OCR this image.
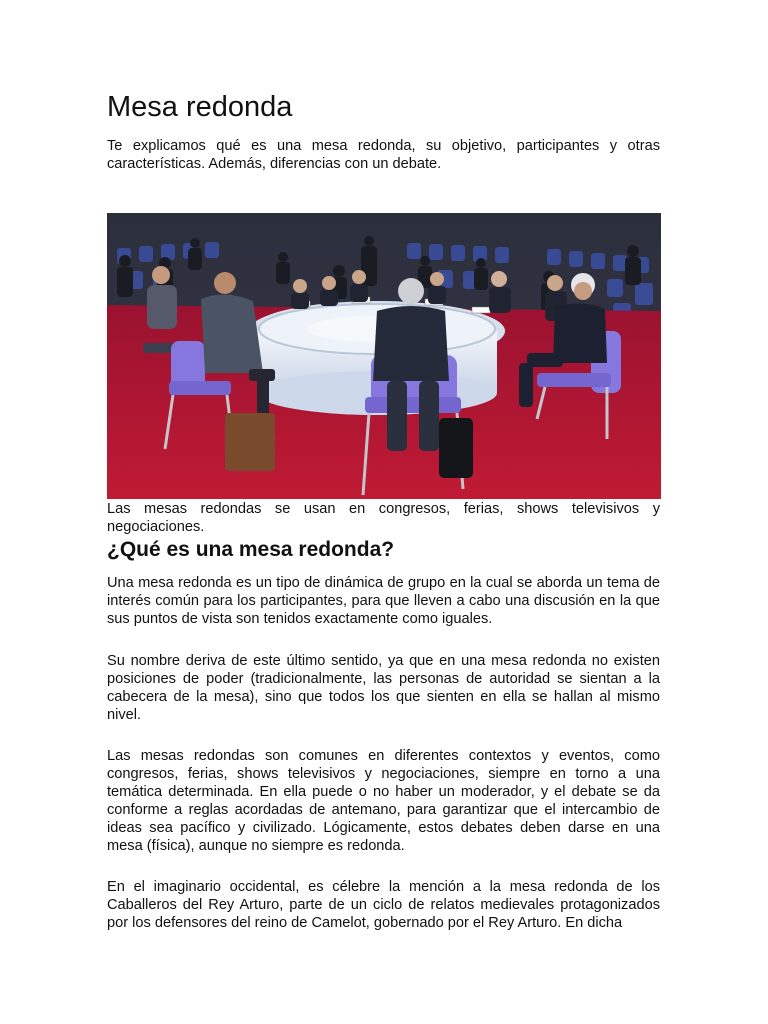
Mesa redonda

Te explicamos qué es una mesa redonda, su objetivo, participantes y otras características. Además, diferencias con un debate.

Las mesas redondas se usan en congresos, ferias, shows televisivos y negociaciones.

¿Qué es una mesa redonda?

Una mesa redonda es un tipo de dinámica de grupo en la cual se aborda un tema de interés común para los participantes, para que lleven a cabo una discusión en la que sus puntos de vista son tenidos exactamente como iguales.

Su nombre deriva de este último sentido, ya que en una mesa redonda no existen posiciones de poder (tradicionalmente, las personas de autoridad se sientan a la cabecera de la mesa), sino que todos los que sienten en ella se hallan al mismo nivel.

Las mesas redondas son comunes en diferentes contextos y eventos, como congresos, ferias, shows televisivos y negociaciones, siempre en torno a una temática determinada. En ella puede o no haber un moderador, y el debate se da conforme a reglas acordadas de antemano, para garantizar que el intercambio de ideas sea pacífico y civilizado. Lógicamente, estos debates deben darse en una mesa (física), aunque no siempre es redonda.

En el imaginario occidental, es célebre la mención a la mesa redonda de los Caballeros del Rey Arturo, parte de un ciclo de relatos medievales protagonizados por los defensores del reino de Camelot, gobernado por el Rey Arturo. En dicha
